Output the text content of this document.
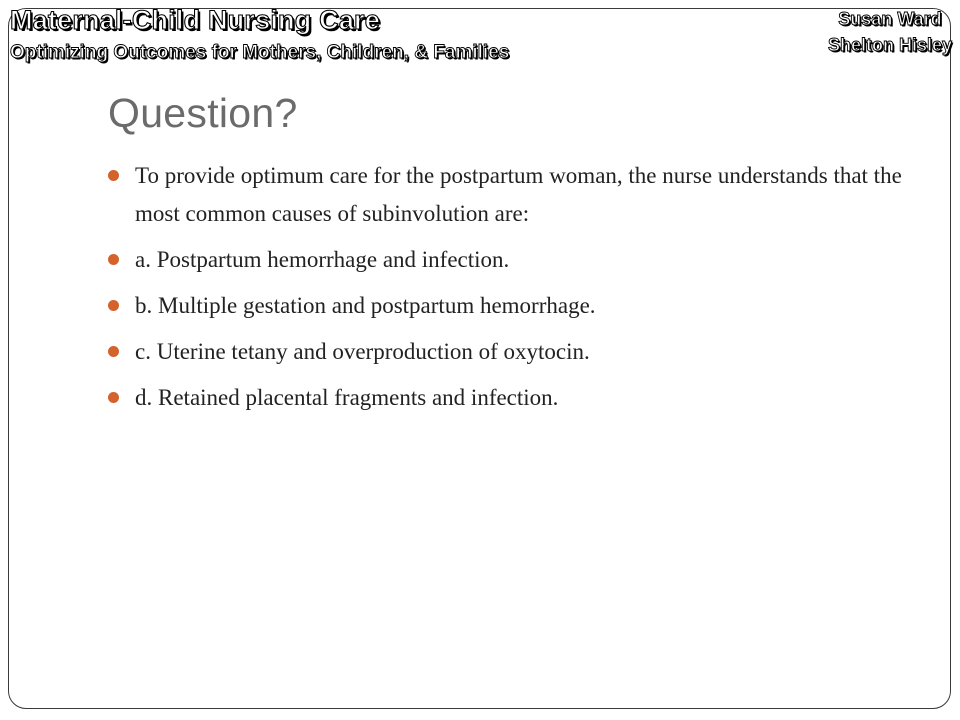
Maternal-Child Nursing Care
Optimizing Outcomes for Mothers, Children, & Families
Susan Ward
Shelton Hisley
Question?
To provide optimum care for the postpartum woman, the nurse understands that the most common causes of subinvolution are:
a. Postpartum hemorrhage and infection.
b. Multiple gestation and postpartum hemorrhage.
c. Uterine tetany and overproduction of oxytocin.
d. Retained placental fragments and infection.
